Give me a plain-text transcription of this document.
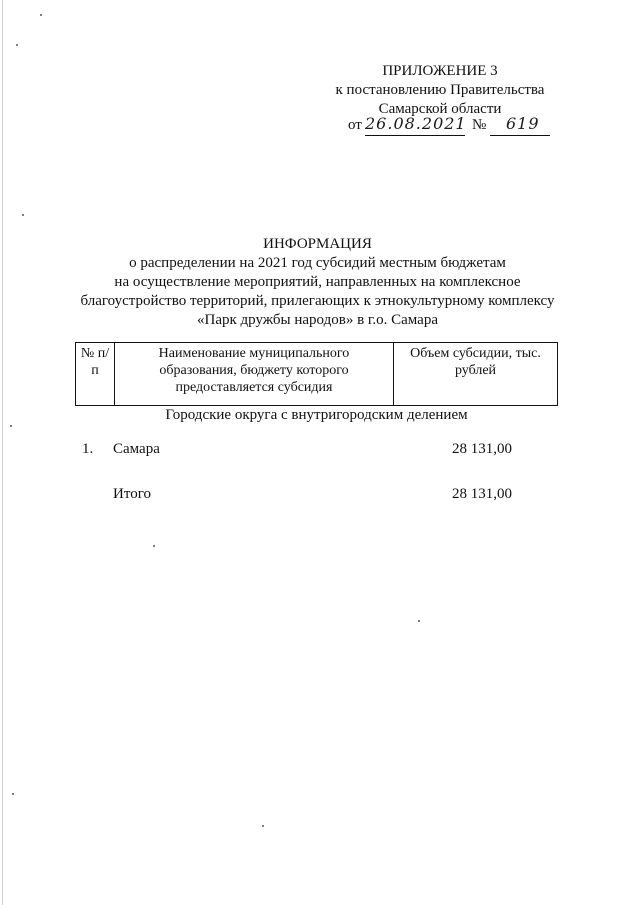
ПРИЛОЖЕНИЕ 3
к постановлению Правительства
Самарской области
от 26.08.2021 № 619
ИНФОРМАЦИЯ
о распределении на 2021 год субсидий местным бюджетам
на осуществление мероприятий, направленных на комплексное
благоустройство территорий, прилегающих к этнокультурному комплексу
«Парк дружбы народов» в г.о. Самара
№ п/п	Наименование муниципального образования, бюджету которого предоставляется субсидия	Объем субсидии, тыс. рублей
Городские округа с внутригородским делением
1. Самара	28 131,00
Итого	28 131,00
